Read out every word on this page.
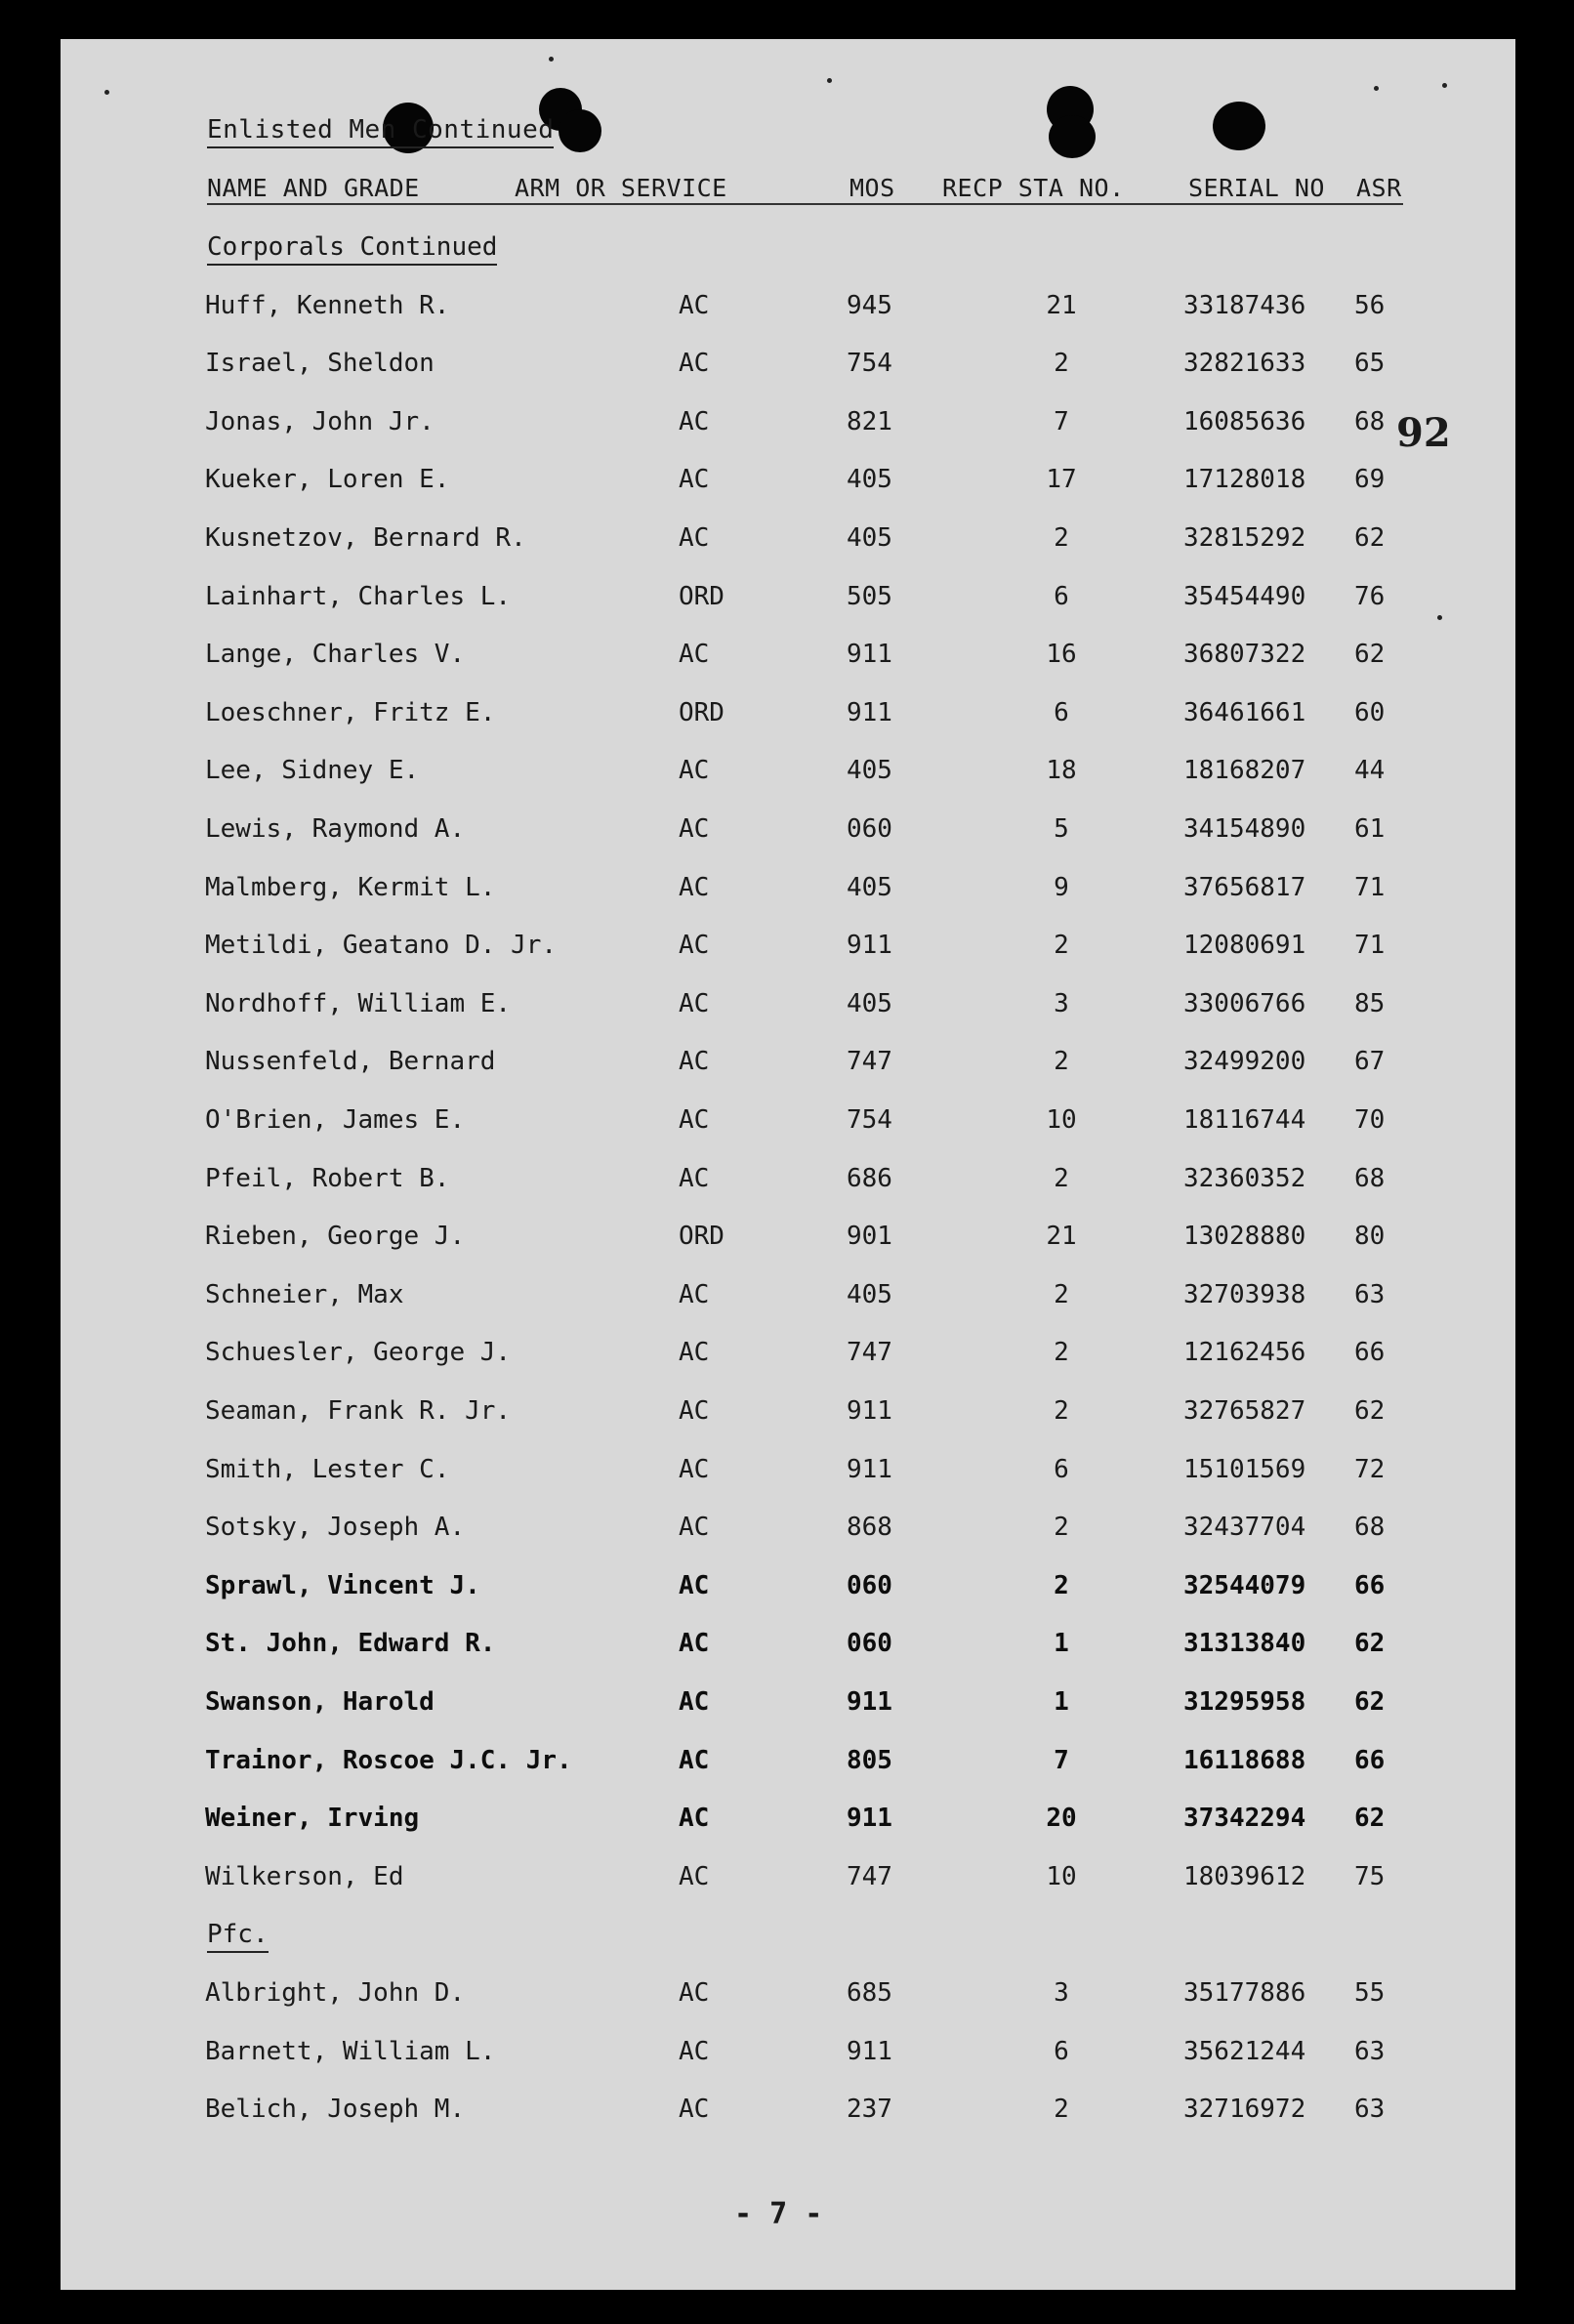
Enlisted Men Continued
NAME AND GRADE	ARM OR SERVICE	MOS RECP STA NO.	SERIAL NO ASR
Corporals Continued
Huff, Kenneth R.	AC	945	21	33187436 56
Israel, Sheldon	AC	754	2	32821633 65
Jonas, John Jr.	AC	821	7	16085636 68
Kueker, Loren E.	AC	405	17	17128018 69
Kusnetzov, Bernard R.	AC	405	2	32815292 62
Lainhart, Charles L.	ORD	505	6	35454490 76
Lange, Charles V.	AC	911	16	36807322 62
Loeschner, Fritz E.	ORD	911	6	36461661 60
Lee, Sidney E.	AC	405	18	18168207 44
Lewis, Raymond A.	AC	060	5	34154890 61
Malmberg, Kermit L.	AC	405	9	37656817 71
Metildi, Geatano D. Jr.	AC	911	2	12080691 71
Nordhoff, William E.	AC	405	3	33006766 85
Nussenfeld, Bernard	AC	747	2	32499200 67
O'Brien, James E.	AC	754	10	18116744 70
Pfeil, Robert B.	AC	686	2	32360352 68
Rieben, George J.	ORD	901	21	13028880 80
Schneier, Max	AC	405	2	32703938 63
Schuesler, George J.	AC	747	2	12162456 66
Seaman, Frank R. Jr.	AC	911	2	32765827 62
Smith, Lester C.	AC	911	6	15101569 72
Sotsky, Joseph A.	AC	868	2	32437704 68
Sprawl, Vincent J.	AC	060	2	32544079 66
St. John, Edward R.	AC	060	1	31313840 62
Swanson, Harold	AC	911	1	31295958 62
Trainor, Roscoe J.C. Jr.	AC	805	7	16118688 66
Weiner, Irving	AC	911	20	37342294 62
Wilkerson, Ed	AC	747	10	18039612 75
Pfc.
Albright, John D.	AC	685	3	35177886 55
Barnett, William L.	AC	911	6	35621244 63
Belich, Joseph M.	AC	237	2	32716972 63
92
- 7 -
